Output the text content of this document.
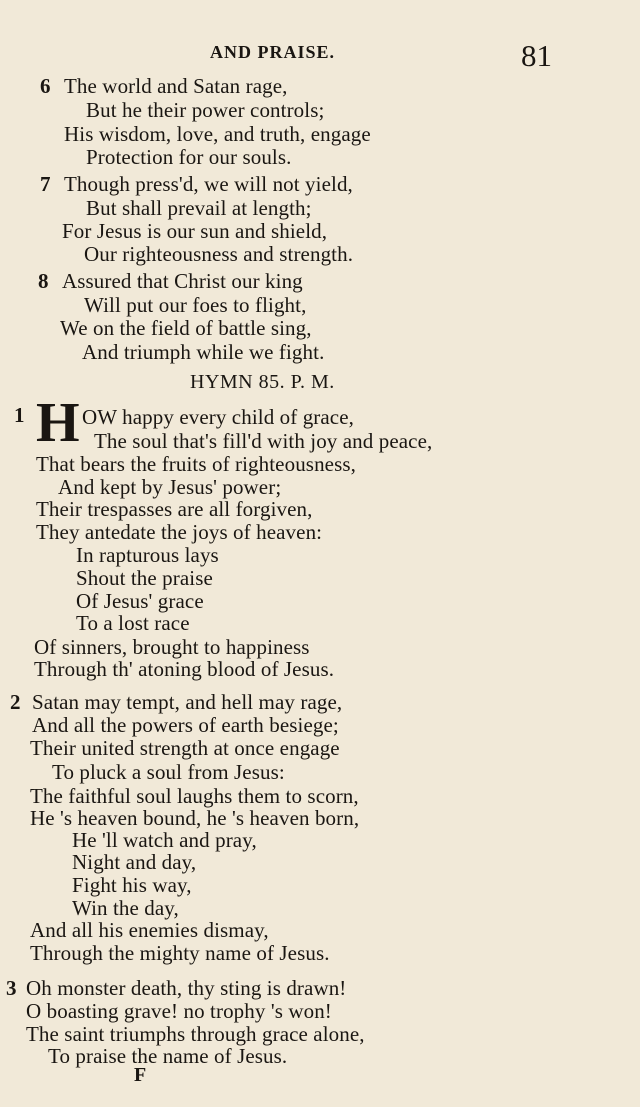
AND PRAISE.	81
6 The world and Satan rage,
But he their power controls;
His wisdom, love, and truth, engage
Protection for our souls.
7 Though press'd, we will not yield,
But shall prevail at length;
For Jesus is our sun and shield,
Our righteousness and strength.
8 Assured that Christ our king
Will put our foes to flight,
We on the field of battle sing,
And triumph while we fight.
HYMN 85. P. M.
1 H OW happy every child of grace,
The soul that's fill'd with joy and peace,
That bears the fruits of righteousness,
And kept by Jesus' power;
Their trespasses are all forgiven,
They antedate the joys of heaven:
In rapturous lays
Shout the praise
Of Jesus' grace
To a lost race
Of sinners, brought to happiness
Through th' atoning blood of Jesus.
2 Satan may tempt, and hell may rage,
And all the powers of earth besiege;
Their united strength at once engage
To pluck a soul from Jesus:
The faithful soul laughs them to scorn,
He 's heaven bound, he 's heaven born,
He 'll watch and pray,
Night and day,
Fight his way,
Win the day,
And all his enemies dismay,
Through the mighty name of Jesus.
3 Oh monster death, thy sting is drawn!
O boasting grave! no trophy 's won!
The saint triumphs through grace alone,
To praise the name of Jesus.
F
